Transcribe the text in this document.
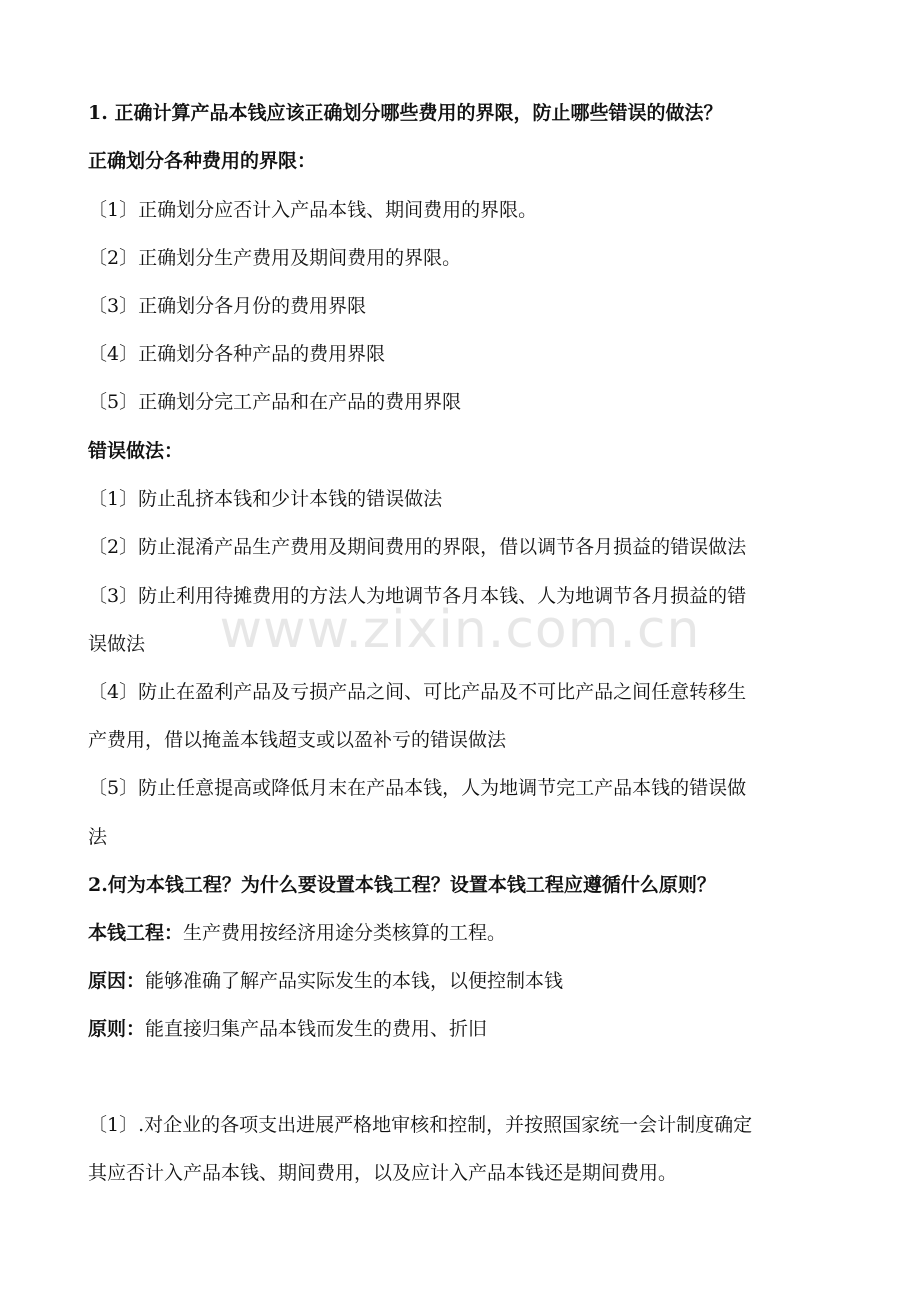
1. 正确计算产品本钱应该正确划分哪些费用的界限，防止哪些错误的做法？
正确划分各种费用的界限：
〔1〕正确划分应否计入产品本钱、期间费用的界限。
〔2〕正确划分生产费用及期间费用的界限。
〔3〕正确划分各月份的费用界限
〔4〕正确划分各种产品的费用界限
〔5〕正确划分完工产品和在产品的费用界限
错误做法：
〔1〕防止乱挤本钱和少计本钱的错误做法
〔2〕防止混淆产品生产费用及期间费用的界限，借以调节各月损益的错误做法
〔3〕防止利用待摊费用的方法人为地调节各月本钱、人为地调节各月损益的错
误做法
〔4〕防止在盈利产品及亏损产品之间、可比产品及不可比产品之间任意转移生
产费用，借以掩盖本钱超支或以盈补亏的错误做法
〔5〕防止任意提高或降低月末在产品本钱，人为地调节完工产品本钱的错误做
法
2.何为本钱工程？为什么要设置本钱工程？设置本钱工程应遵循什么原则？
本钱工程：生产费用按经济用途分类核算的工程。
原因：能够准确了解产品实际发生的本钱，以便控制本钱
原则：能直接归集产品本钱而发生的费用、折旧
〔1〕.对企业的各项支出进展严格地审核和控制，并按照国家统一会计制度确定
其应否计入产品本钱、期间费用，以及应计入产品本钱还是期间费用。
www.zixin.com.cn
